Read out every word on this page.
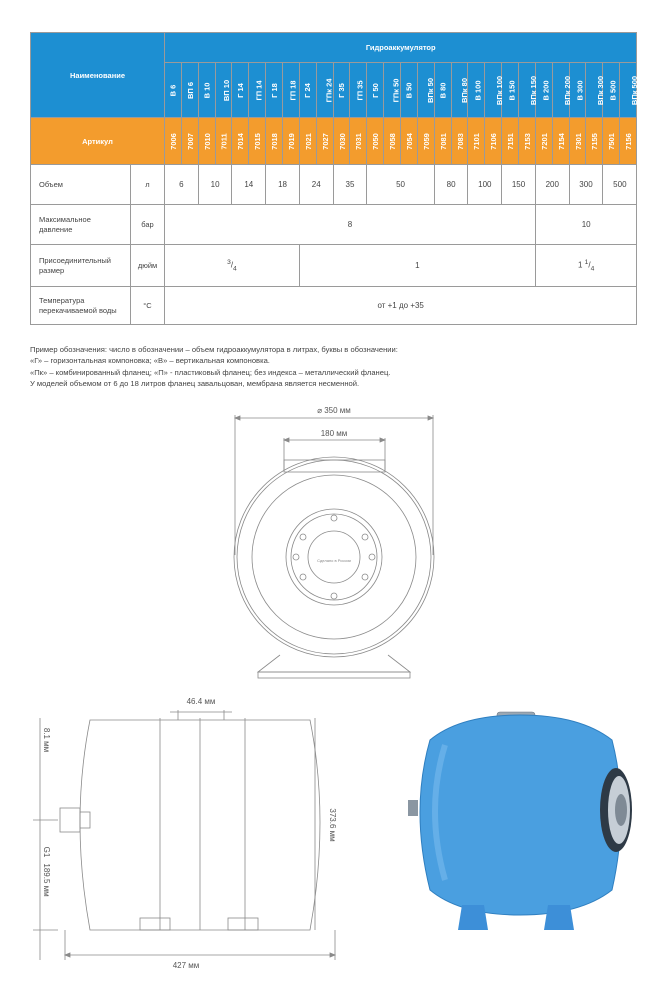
Наименование		Гидроаккумулятор																											
		В 6	ВП 6	В 10	ВП 10	Г 14	ГП 14	Г 18	ГП 18	Г 24	ГПк 24	Г 35	ГП 35	Г 50	ГПк 50	В 50	ВПк 50	В 80	ВПк 80	В 100	ВПк 100	В 150	ВПк 150	В 200	ВПк 200	В 300	ВПк 300	В 500	ВПк 500
Артикул		7006	7007	7010	7011	7014	7015	7018	7019	7021	7027	7030	7031	7050	7058	7054	7059	7081	7083	7101	7106	7151	7153	7201	7154	7301	7155	7501	7156
Объем	л	6		10		14		18		24		35		50				80		100		150		200		300		500	

Максимальное
давление	бар	8																						10					

Присоединительный
размер	дюйм	$^3/_4$								1														1 $^1/_4$

Температура
перекачиваемой воды	°C	от +1 до +35																											
Пример обозначения: число в обозначении – объем гидроаккумулятора в литрах, буквы в обозначении:
«Г» – горизонтальная компоновка; «В» – вертикальная компоновка.
«Пк» – комбинированный фланец; «П» - пластиковый фланец; без индекса – металлический фланец.
У моделей объемом от 6 до 18 литров фланец завальцован, мембрана является несменной.
⌀ 350 мм
180 мм
Сделано в России
46.4 мм
8.1 мм
373.6 мм
G1
189.5 мм
427 мм
